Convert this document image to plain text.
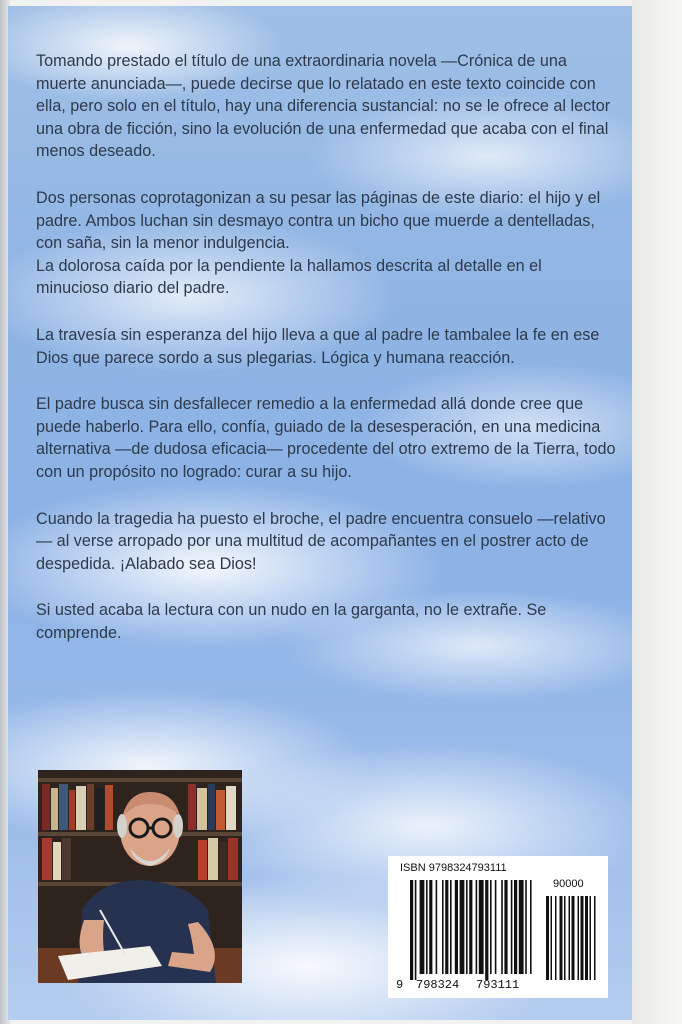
Tomando prestado el título de una extraordinaria novela —Crónica de una muerte anunciada—, puede decirse que lo relatado en este texto coincide con ella, pero solo en el título, hay una diferencia sustancial: no se le ofrece al lector una obra de ficción, sino la evolución de una enfermedad que acaba con el final menos deseado.

Dos personas coprotagonizan a su pesar las páginas de este diario: el hijo y el padre. Ambos luchan sin desmayo contra un bicho que muerde a dentelladas, con saña, sin la menor indulgencia.

La dolorosa caída por la pendiente la hallamos descrita al detalle en el minucioso diario del padre.

La travesía sin esperanza del hijo lleva a que al padre le tambalee la fe en ese Dios que parece sordo a sus plegarias. Lógica y humana reacción.

El padre busca sin desfallecer remedio a la enfermedad allá donde cree que puede haberlo. Para ello, confía, guiado de la desesperación, en una medicina alternativa —de dudosa eficacia— procedente del otro extremo de la Tierra, todo con un propósito no logrado: curar a su hijo.

Cuando la tragedia ha puesto el broche, el padre encuentra consuelo —relativo— al verse arropado por una multitud de acompañantes en el postrer acto de despedida. ¡Alabado sea Dios!

Si usted acaba la lectura con un nudo en la garganta, no le extrañe. Se comprende.

ISBN 9798324793111
90000
9 798324 793111
